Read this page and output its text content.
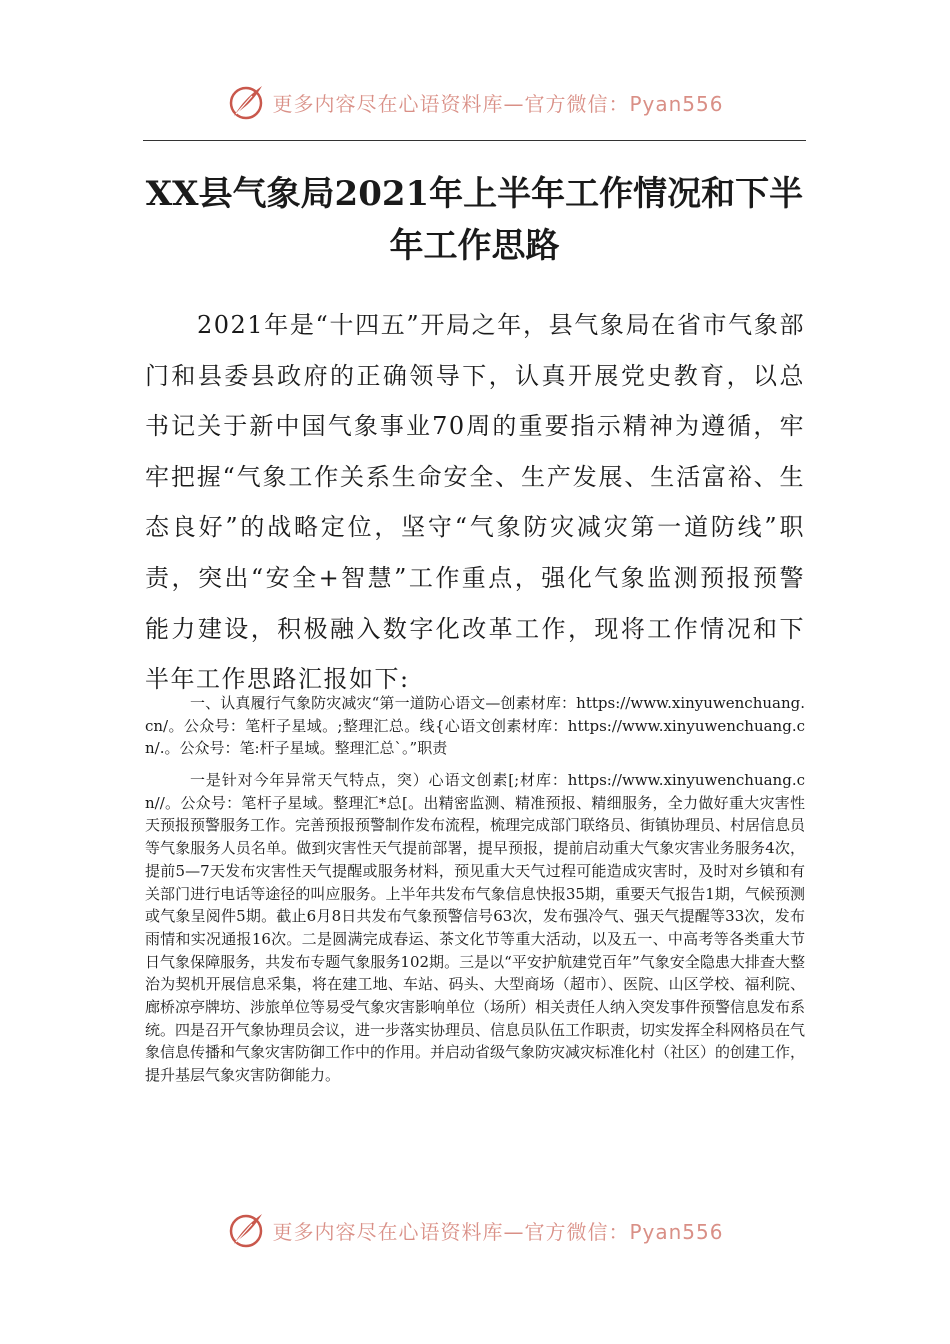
更多内容尽在心语资料库—官方微信：Pyan556
XX县气象局2021年上半年工作情况和下半年工作思路

2021年是“十四五”开局之年，县气象局在省市气象部门和县委县政府的正确领导下，认真开展党史教育，以总书记关于新中国气象事业70周的重要指示精神为遵循，牢牢把握“气象工作关系生命安全、生产发展、生活富裕、生态良好”的战略定位，坚守“气象防灾减灾第一道防线”职责，突出“安全+智慧”工作重点，强化气象监测预报预警能力建设，积极融入数字化改革工作，现将工作情况和下半年工作思路汇报如下:

一、认真履行气象防灾减灾“第一道防心语文—创素材库：https://www.xinyuwenchuang.cn/。公众号：笔杆子星域。;整理汇总。线{心语文创素材库：https://www.xinyuwenchuang.cn/.。公众号：笔:杆子星域。整理汇总`。”职责

一是针对今年异常天气特点，突）心语文创素[;材库：https://www.xinyuwenchuang.cn//。公众号：笔杆子星域。整理汇*总[。出精密监测、精准预报、精细服务，全力做好重大灾害性天预报预警服务工作。完善预报预警制作发布流程，梳理完成部门联络员、街镇协理员、村居信息员等气象服务人员名单。做到灾害性天气提前部署，提早预报，提前启动重大气象灾害业务服务4次，提前5—7天发布灾害性天气提醒或服务材料，预见重大天气过程可能造成灾害时，及时对乡镇和有关部门进行电话等途径的叫应服务。上半年共发布气象信息快报35期，重要天气报告1期，气候预测或气象呈阅件5期。截止6月8日共发布气象预警信号63次，发布强冷气、强天气提醒等33次，发布雨情和实况通报16次。二是圆满完成春运、茶文化节等重大活动，以及五一、中高考等各类重大节日气象保障服务，共发布专题气象服务102期。三是以“平安护航建党百年”气象安全隐患大排查大整治为契机开展信息采集，将在建工地、车站、码头、大型商场（超市）、医院、山区学校、福利院、廊桥凉亭牌坊、涉旅单位等易受气象灾害影响单位（场所）相关责任人纳入突发事件预警信息发布系统。四是召开气象协理员会议，进一步落实协理员、信息员队伍工作职责，切实发挥全科网格员在气象信息传播和气象灾害防御工作中的作用。并启动省级气象防灾减灾标准化村（社区）的创建工作，提升基层气象灾害防御能力。

更多内容尽在心语资料库—官方微信：Pyan556
